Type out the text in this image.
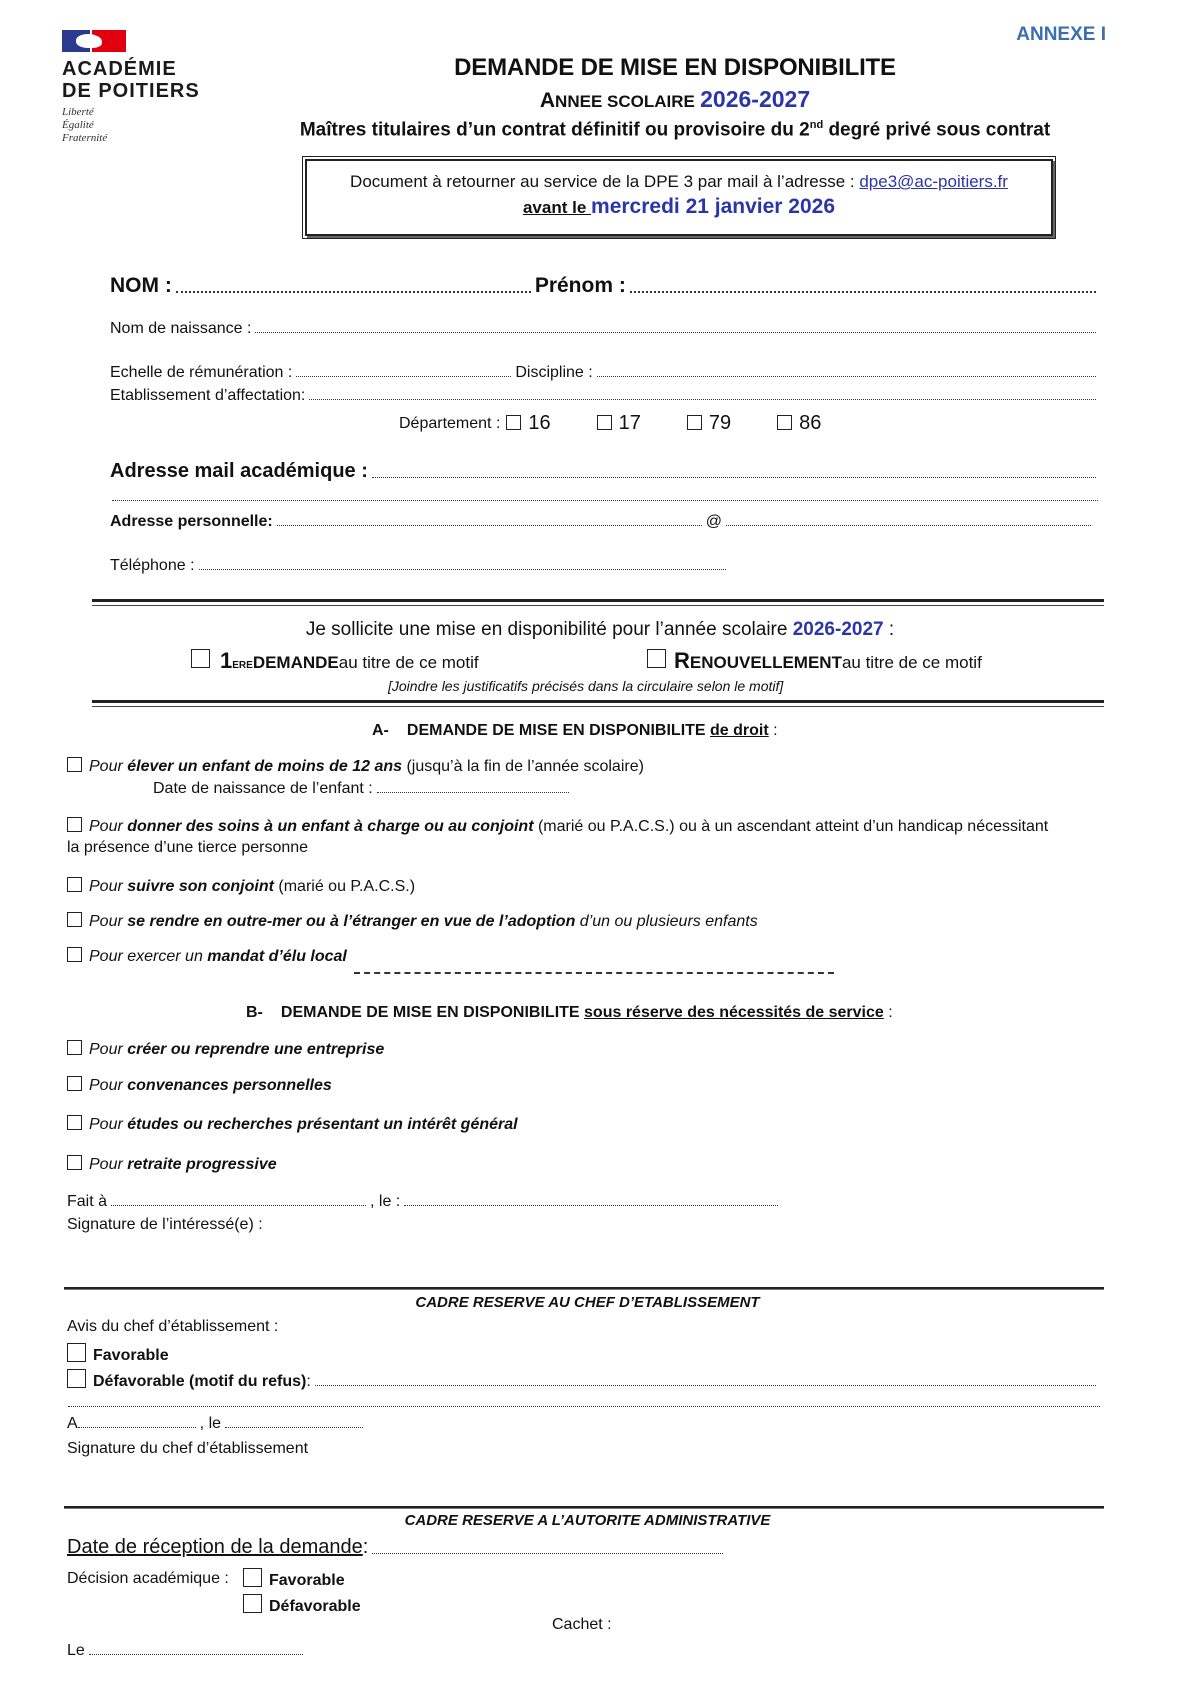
ACADÉMIE
DE POITIERS
Liberté
Égalité
Fraternité
ANNEXE I
DEMANDE DE MISE EN DISPONIBILITE
ANNEE SCOLAIRE 2026-2027
Maîtres titulaires d’un contrat définitif ou provisoire du 2nd degré privé sous contrat
Document à retourner au service de la DPE 3 par mail à l’adresse : dpe3@ac-poitiers.fr
avant le mercredi 21 janvier 2026
NOM :	Prénom :
Nom de naissance :
Echelle de rémunération :	Discipline :
Etablissement d’affectation:
Département :	16	17	79	86
Adresse mail académique :
Adresse personnelle:	@
Téléphone :
Je sollicite une mise en disponibilité pour l’année scolaire 2026-2027 :
$1_{ERE}$ DEMANDE au titre de ce motif	R ENOUVELLEMENT au titre de ce motif
[Joindre les justificatifs précisés dans la circulaire selon le motif]
A- DEMANDE DE MISE EN DISPONIBILITE de droit :
Pour élever un enfant de moins de 12 ans (jusqu’à la fin de l’année scolaire)
Date de naissance de l’enfant :
Pour donner des soins à un enfant à charge ou au conjoint (marié ou P.A.C.S.) ou à un ascendant atteint d’un handicap nécessitant
la présence d’une tierce personne
Pour suivre son conjoint (marié ou P.A.C.S.)
Pour se rendre en outre-mer ou à l’étranger en vue de l’adoption d’un ou plusieurs enfants
Pour exercer un mandat d’élu local
B- DEMANDE DE MISE EN DISPONIBILITE sous réserve des nécessités de service :
Pour créer ou reprendre une entreprise
Pour convenances personnelles
Pour études ou recherches présentant un intérêt général
Pour retraite progressive
Fait à	, le :
Signature de l’intéressé(e) :
CADRE RESERVE AU CHEF D’ETABLISSEMENT
Avis du chef d’établissement :
Favorable
Défavorable (motif du refus) :
A	, le
Signature du chef d’établissement
CADRE RESERVE A L’AUTORITE ADMINISTRATIVE
Date de réception de la demande :
Décision académique :	Favorable
Défavorable
Cachet :
Le
